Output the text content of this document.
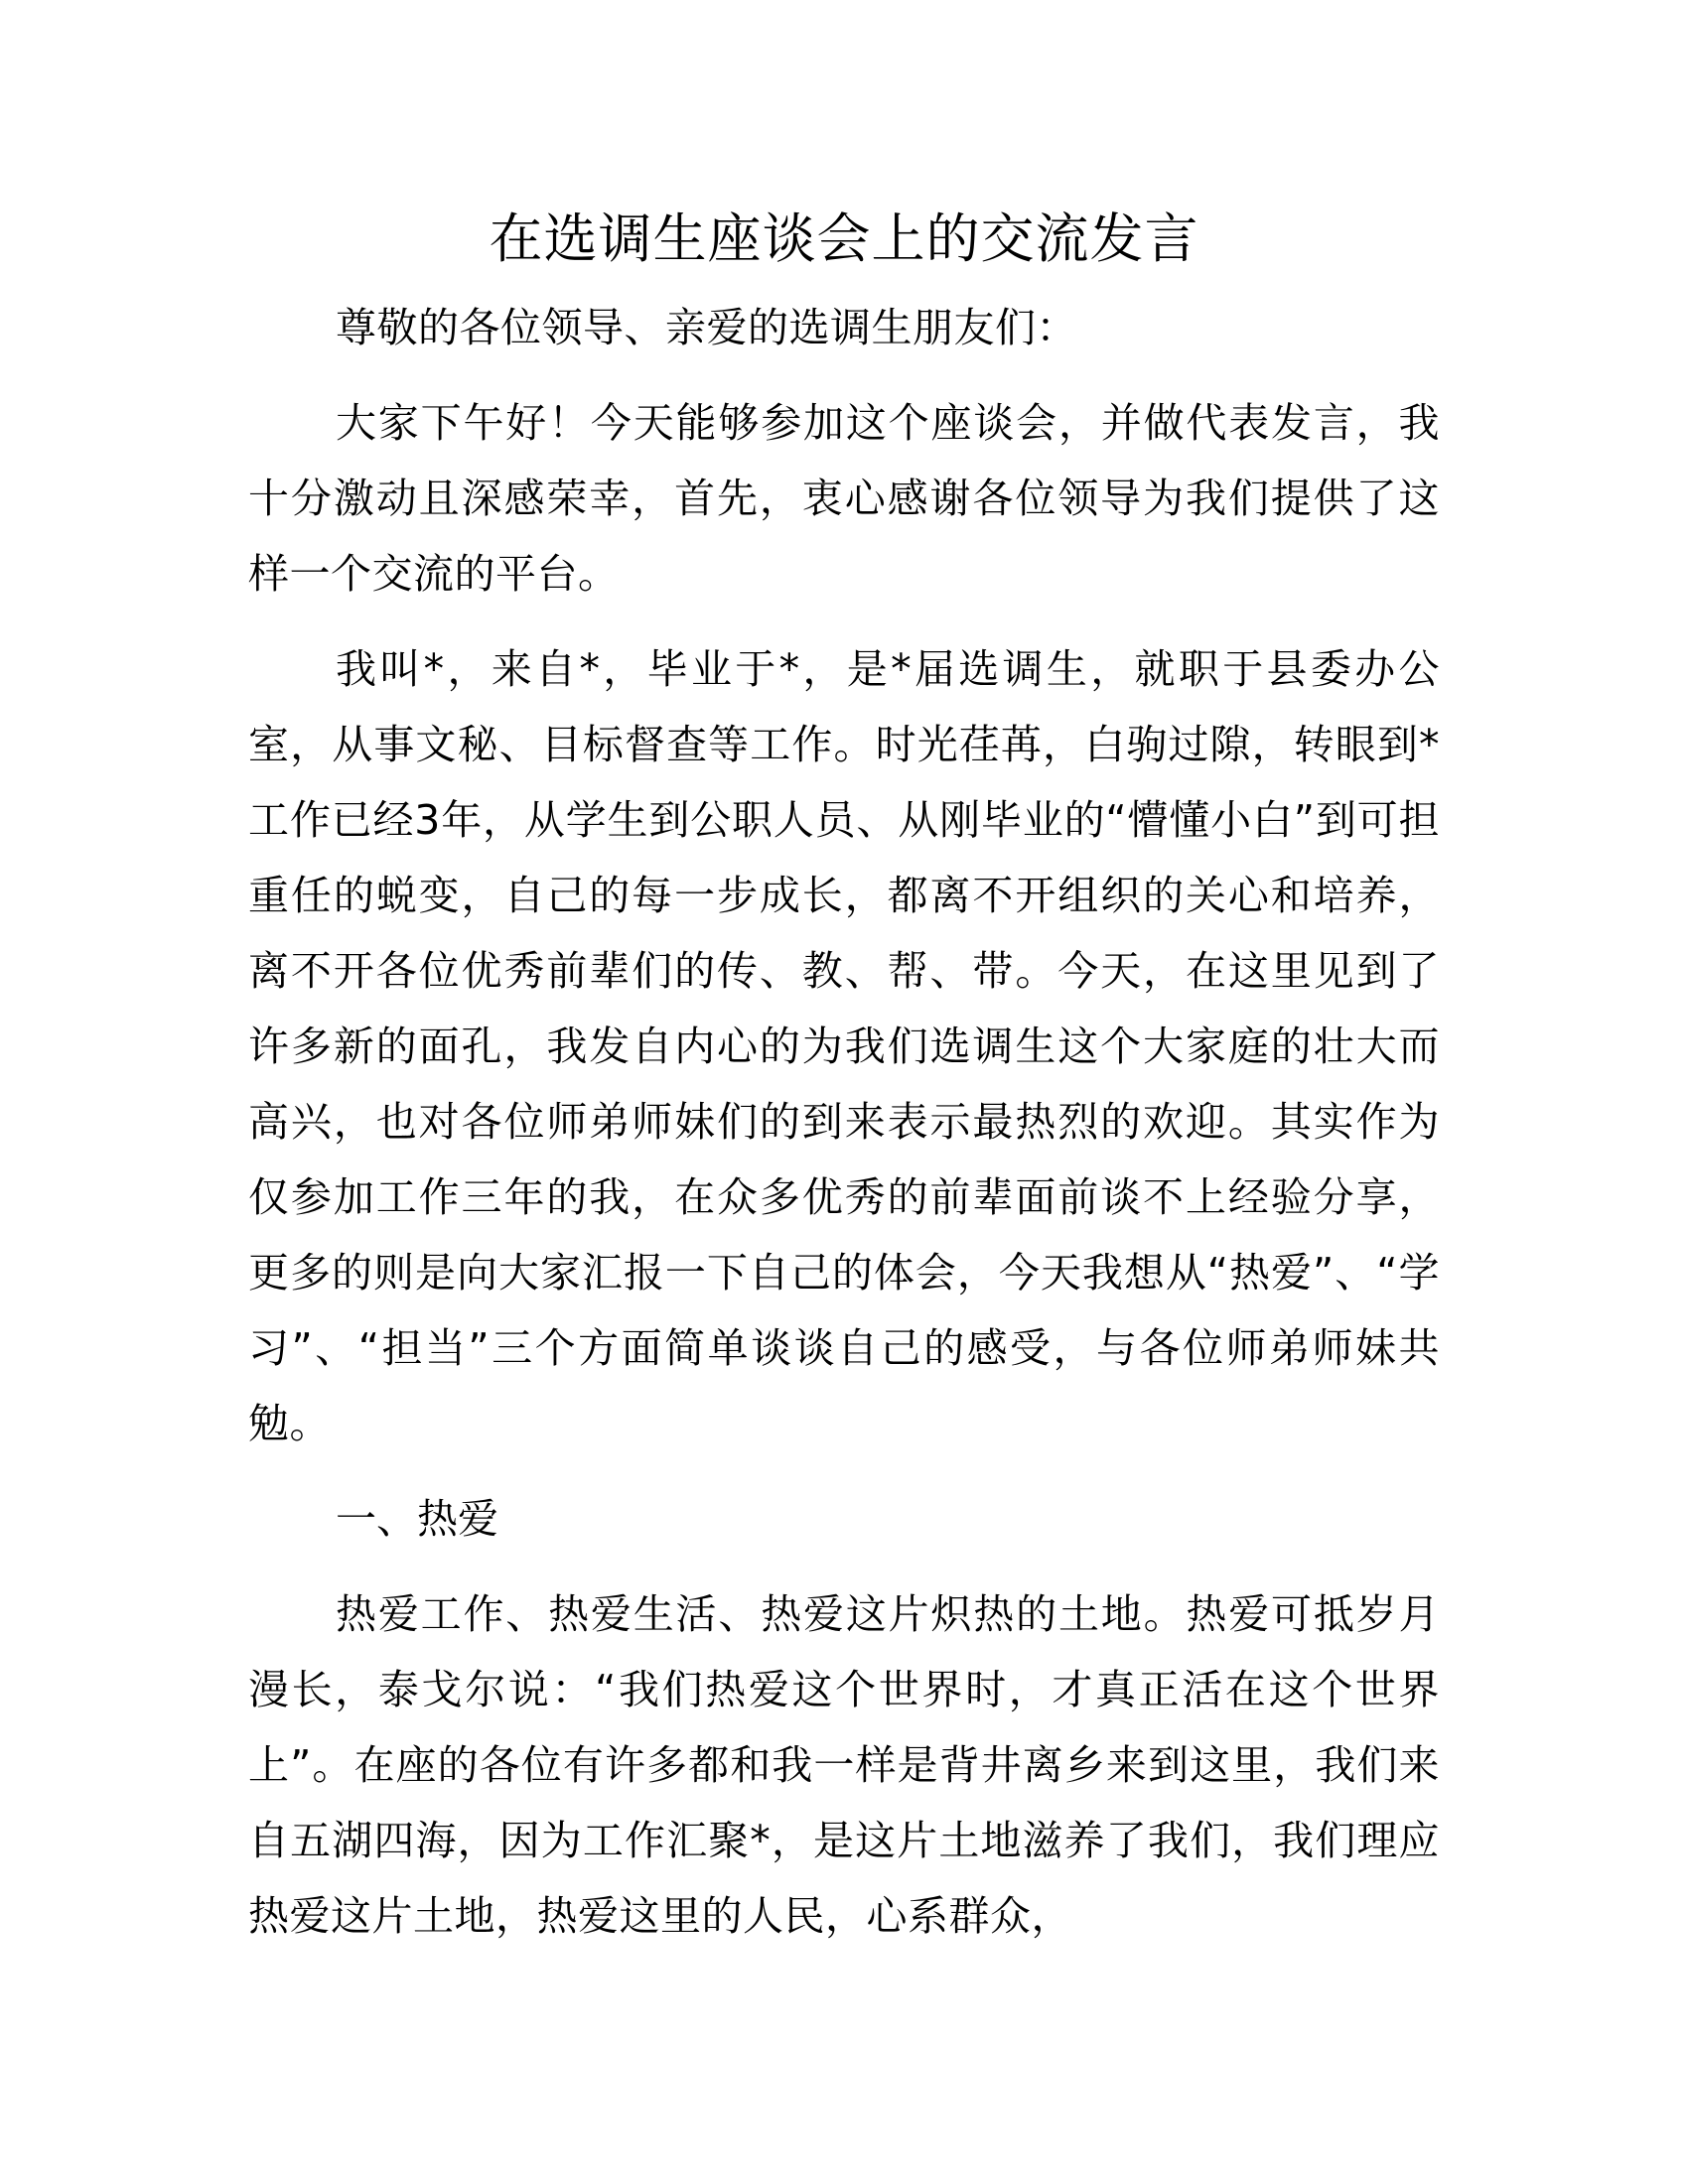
在选调生座谈会上的交流发言

尊敬的各位领导、亲爱的选调生朋友们：

大家下午好！今天能够参加这个座谈会，并做代表发言，我十分激动且深感荣幸，首先，衷心感谢各位领导为我们提供了这样一个交流的平台。

我叫*，来自*，毕业于*，是*届选调生，就职于县委办公室，从事文秘、目标督查等工作。时光荏苒，白驹过隙，转眼到*工作已经3年，从学生到公职人员、从刚毕业的“懵懂小白”到可担重任的蜕变，自己的每一步成长，都离不开组织的关心和培养，离不开各位优秀前辈们的传、教、帮、带。今天，在这里见到了许多新的面孔，我发自内心的为我们选调生这个大家庭的壮大而高兴，也对各位师弟师妹们的到来表示最热烈的欢迎。其实作为仅参加工作三年的我，在众多优秀的前辈面前谈不上经验分享，更多的则是向大家汇报一下自己的体会，今天我想从“热爱”、“学习”、“担当”三个方面简单谈谈自己的感受，与各位师弟师妹共勉。

一、热爱

热爱工作、热爱生活、热爱这片炽热的土地。热爱可抵岁月漫长，泰戈尔说：“我们热爱这个世界时，才真正活在这个世界上”。在座的各位有许多都和我一样是背井离乡来到这里，我们来自五湖四海，因为工作汇聚*，是这片土地滋养了我们，我们理应热爱这片土地，热爱这里的人民，心系群众，
